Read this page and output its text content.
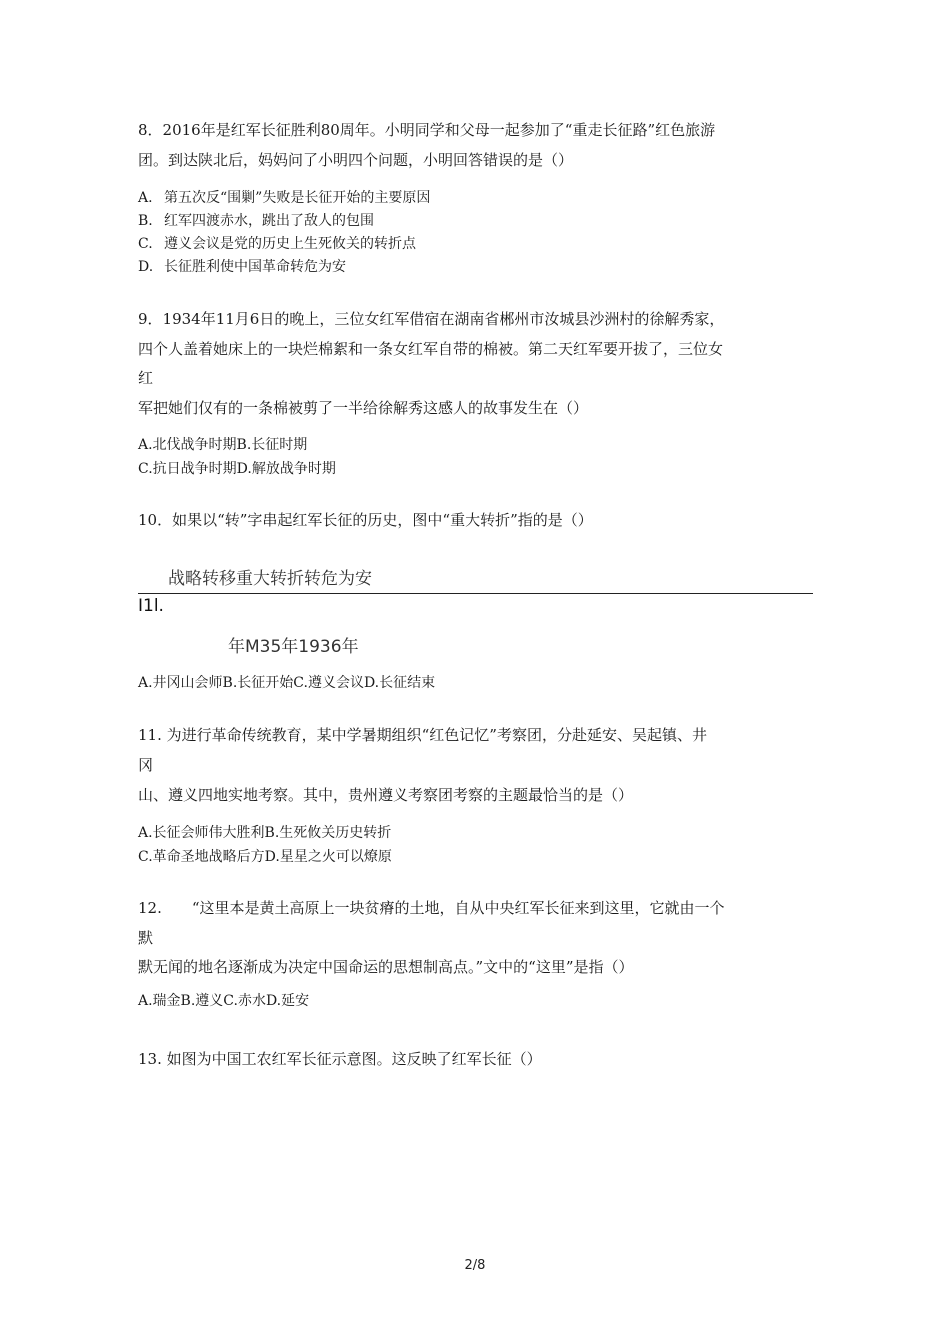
8．2016年是红军长征胜利80周年。小明同学和父母一起参加了“重走长征路”红色旅游
团。到达陕北后，妈妈问了小明四个问题，小明回答错误的是（）
A. 第五次反“围剿”失败是长征开始的主要原因
B. 红军四渡赤水，跳出了敌人的包围
C. 遵义会议是党的历史上生死攸关的转折点
D. 长征胜利使中国革命转危为安
9．1934年11月6日的晚上，三位女红军借宿在湖南省郴州市汝城县沙洲村的徐解秀家，
四个人盖着她床上的一块烂棉絮和一条女红军自带的棉被。第二天红军要开拔了，三位女
红
军把她们仅有的一条棉被剪了一半给徐解秀这感人的故事发生在（）
A.北伐战争时期B.长征时期
C.抗日战争时期D.解放战争时期
10．如果以“转”字串起红军长征的历史，图中“重大转折”指的是（）
战略转移重大转折转危为安
I1l.
年M35年1936年
A.井冈山会师B.长征开始C.遵义会议D.长征结束
11. 为进行革命传统教育，某中学暑期组织“红色记忆”考察团，分赴延安、吴起镇、井
冈
山、遵义四地实地考察。其中，贵州遵义考察团考察的主题最恰当的是（）
A.长征会师伟大胜利B.生死攸关历史转折
C.革命圣地战略后方D.星星之火可以燎原
12.　　“这里本是黄土高原上一块贫瘠的土地，自从中央红军长征来到这里，它就由一个
默
默无闻的地名逐渐成为决定中国命运的思想制高点。”文中的“这里”是指（）
A.瑞金B.遵义C.赤水D.延安
13. 如图为中国工农红军长征示意图。这反映了红军长征（）
2/8
